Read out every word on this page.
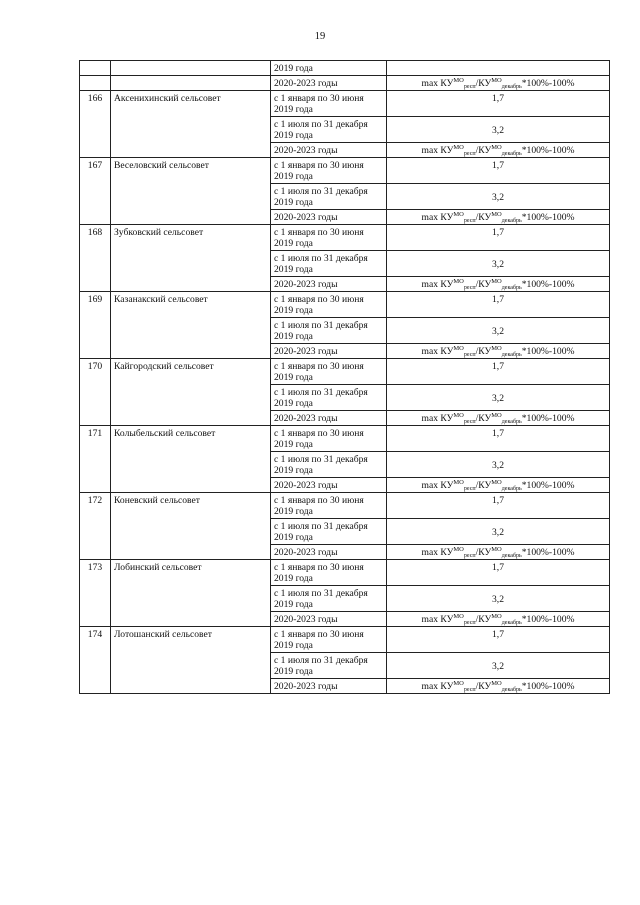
19
		2019 года	
		2020-2023 годы	$\max КУ^{МО}_{респ}/КУ^{МО}_{декабрь}*100\%-100\%$
166	Аксенихинский сельсовет	с 1 января по 30 июня 2019 года	1,7
		с 1 июля по 31 декабря 2019 года	3,2
		2020-2023 годы	$\max КУ^{МО}_{респ}/КУ^{МО}_{декабрь}*100\%-100\%$
167	Веселовский сельсовет	с 1 января по 30 июня 2019 года	1,7
		с 1 июля по 31 декабря 2019 года	3,2
		2020-2023 годы	$\max КУ^{МО}_{респ}/КУ^{МО}_{декабрь}*100\%-100\%$
168	Зубковский сельсовет	с 1 января по 30 июня 2019 года	1,7
		с 1 июля по 31 декабря 2019 года	3,2
		2020-2023 годы	$\max КУ^{МО}_{респ}/КУ^{МО}_{декабрь}*100\%-100\%$
169	Казанакский сельсовет	с 1 января по 30 июня 2019 года	1,7
		с 1 июля по 31 декабря 2019 года	3,2
		2020-2023 годы	$\max КУ^{МО}_{респ}/КУ^{МО}_{декабрь}*100\%-100\%$
170	Кайгородский сельсовет	с 1 января по 30 июня 2019 года	1,7
		с 1 июля по 31 декабря 2019 года	3,2
		2020-2023 годы	$\max КУ^{МО}_{респ}/КУ^{МО}_{декабрь}*100\%-100\%$
171	Колыбельский сельсовет	с 1 января по 30 июня 2019 года	1,7
		с 1 июля по 31 декабря 2019 года	3,2
		2020-2023 годы	$\max КУ^{МО}_{респ}/КУ^{МО}_{декабрь}*100\%-100\%$
172	Коневский сельсовет	с 1 января по 30 июня 2019 года	1,7
		с 1 июля по 31 декабря 2019 года	3,2
		2020-2023 годы	$\max КУ^{МО}_{респ}/КУ^{МО}_{декабрь}*100\%-100\%$
173	Лобинский сельсовет	с 1 января по 30 июня 2019 года	1,7
		с 1 июля по 31 декабря 2019 года	3,2
		2020-2023 годы	$\max КУ^{МО}_{респ}/КУ^{МО}_{декабрь}*100\%-100\%$
174	Лотошанский сельсовет	с 1 января по 30 июня 2019 года	1,7
		с 1 июля по 31 декабря 2019 года	3,2
		2020-2023 годы	$\max КУ^{МО}_{респ}/КУ^{МО}_{декабрь}*100\%-100\%$
